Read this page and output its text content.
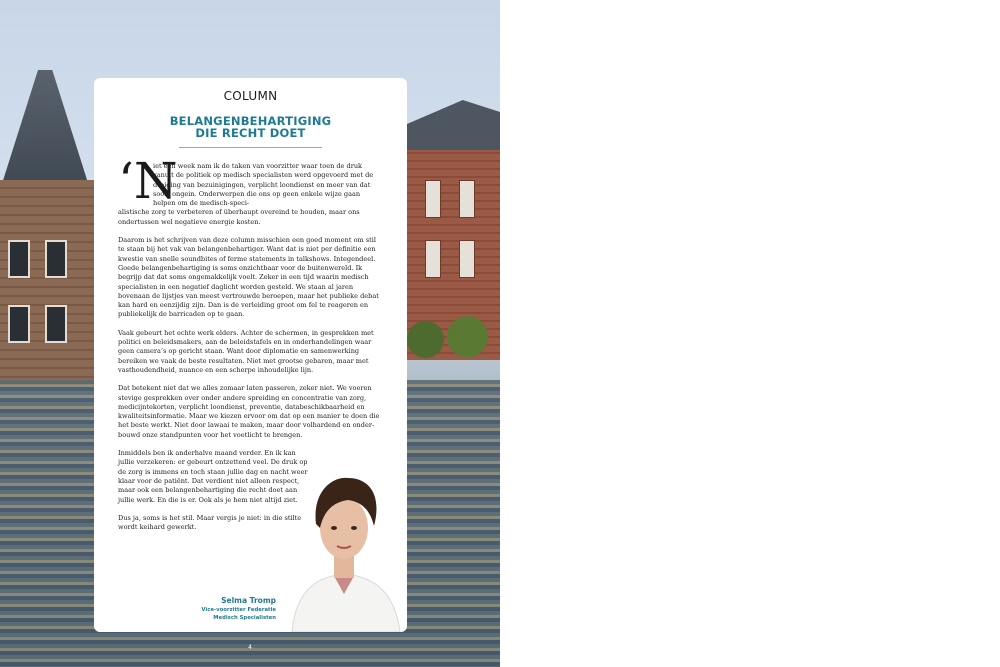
COLUMN
BELANGENBEHARTIGING
DIE RECHT DOET
‘N

iet een week nam ik de taken van voorzitter waar toen de druk vanuit de politiek op medisch specialisten werd opgevoerd met de dreiging van bezuinigingen, verplicht loondienst en meer van dat soort ongein. Onderwerpen die ons op geen enkele wijze gaan helpen om de medisch-speci-
alistische zorg te verbeteren of überhaupt overeind te houden, maar ons ondertussen wel negatieve energie kosten.

Daarom is het schrijven van deze column misschien een goed moment om stil te staan bij het vak van belangenbehartiger. Want dat is niet per definitie een kwestie van snelle soundbites of ferme statements in talkshows. Integendeel. Goede belangenbehartiging is soms onzichtbaar voor de buitenwereld. Ik begrijp dat dat soms ongemakkelijk voelt. Zeker in een tijd waarin medisch specialisten in een negatief daglicht worden gesteld. We staan al jaren bovenaan de lijstjes van meest vertrouwde beroepen, maar het publieke debat kan hard en eenzijdig zijn. Dan is de verleiding groot om fel te reageren en publiekelijk de barricaden op te gaan.

Vaak gebeurt het echte werk elders. Achter de schermen, in gesprekken met politici en beleidsmakers, aan de beleidstafels en in onderhandelingen waar geen camera’s op gericht staan. Want door diplomatie en samenwerking bereiken we vaak de beste resultaten. Niet met grootse gebaren, maar met vasthoudendheid, nuance en een scherpe inhoudelijke lijn.

Dat betekent niet dat we alles zomaar laten passeren, zeker niet. We voeren stevige gesprekken over onder andere spreiding en concentratie van zorg, medicijntekorten, verplicht loondienst, preventie, databeschikbaarheid en kwaliteitsinformatie. Maar we kiezen ervoor om dat op een manier te doen die het beste werkt. Niet door lawaai te maken, maar door volhardend en onder-bouwd onze standpunten voor het voetlicht te brengen.

Inmiddels ben ik anderhalve maand verder. En ik kan jullie verzekeren: er gebeurt ontzettend veel. De druk op de zorg is immens en toch staan jullie dag en nacht weer klaar voor de patiënt. Dat verdient niet alleen respect, maar ook een belangenbehartiging die recht doet aan jullie werk. En die is er. Ook als je hem niet altijd ziet.

Dus ja, soms is het stil. Maar vergis je niet: in die stilte wordt keihard gewerkt.

Selma Tromp
Vice-voorzitter Federatie
Medisch Specialisten
4
